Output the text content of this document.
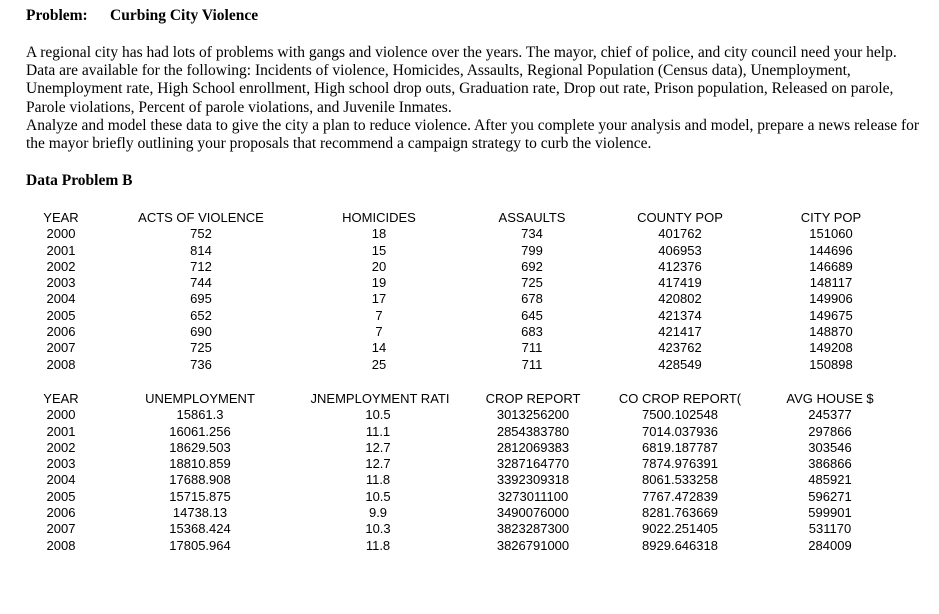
Problem: Curbing City Violence

A regional city has had lots of problems with gangs and violence over the years. The mayor, chief of police, and city council need your help. Data are available for the following: Incidents of violence, Homicides, Assaults, Regional Population (Census data), Unemployment, Unemployment rate, High School enrollment, High school drop outs, Graduation rate, Drop out rate, Prison population, Released on parole, Parole violations, Percent of parole violations, and Juvenile Inmates.

Analyze and model these data to give the city a plan to reduce violence. After you complete your analysis and model, prepare a news release for the mayor briefly outlining your proposals that recommend a campaign strategy to curb the violence.

Data Problem B
YEAR	ACTS OF VIOLENCE	HOMICIDES	ASSAULTS	COUNTY POP	CITY POP
2000	752	18	734	401762	151060
2001	814	15	799	406953	144696
2002	712	20	692	412376	146689
2003	744	19	725	417419	148117
2004	695	17	678	420802	149906
2005	652	7	645	421374	149675
2006	690	7	683	421417	148870
2007	725	14	711	423762	149208
2008	736	25	711	428549	150898
YEAR	UNEMPLOYMENT	JNEMPLOYMENT RATI	CROP REPORT	CO CROP REPORT(	AVG HOUSE $
2000	15861.3	10.5	3013256200	7500.102548	245377
2001	16061.256	11.1	2854383780	7014.037936	297866
2002	18629.503	12.7	2812069383	6819.187787	303546
2003	18810.859	12.7	3287164770	7874.976391	386866
2004	17688.908	11.8	3392309318	8061.533258	485921
2005	15715.875	10.5	3273011100	7767.472839	596271
2006	14738.13	9.9	3490076000	8281.763669	599901
2007	15368.424	10.3	3823287300	9022.251405	531170
2008	17805.964	11.8	3826791000	8929.646318	284009
